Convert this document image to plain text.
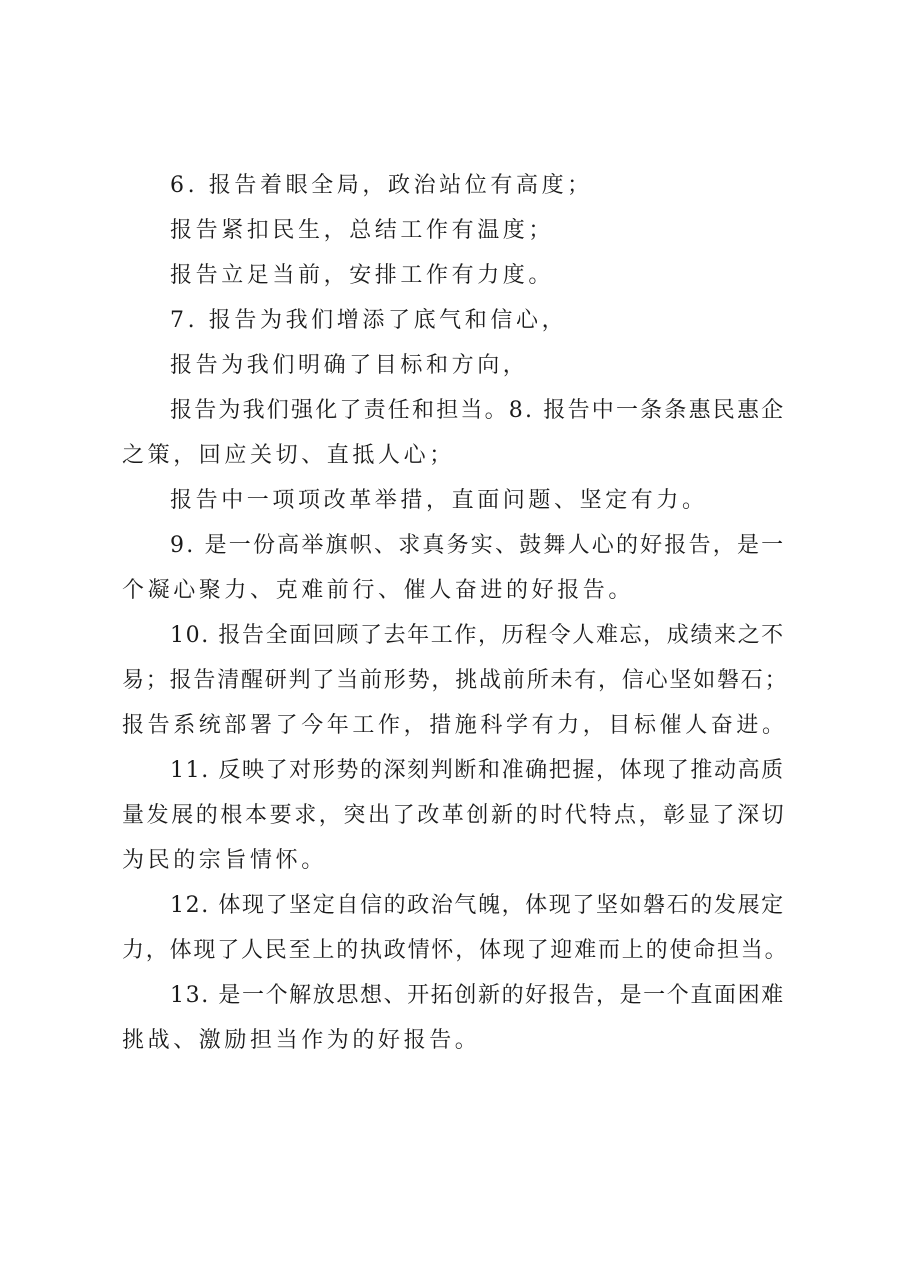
6. 报告着眼全局，政治站位有高度；
报告紧扣民生，总结工作有温度；
报告立足当前，安排工作有力度。
7. 报告为我们增添了底气和信心，
报告为我们明确了目标和方向，
报告为我们强化了责任和担当。8. 报告中一条条惠民惠企
之策，回应关切、直抵人心；
报告中一项项改革举措，直面问题、坚定有力。
9. 是一份高举旗帜、求真务实、鼓舞人心的好报告，是一
个凝心聚力、克难前行、催人奋进的好报告。
10. 报告全面回顾了去年工作，历程令人难忘，成绩来之不
易；报告清醒研判了当前形势，挑战前所未有，信心坚如磐石；
报告系统部署了今年工作，措施科学有力，目标催人奋进。
11. 反映了对形势的深刻判断和准确把握，体现了推动高质
量发展的根本要求，突出了改革创新的时代特点，彰显了深切
为民的宗旨情怀。
12. 体现了坚定自信的政治气魄，体现了坚如磐石的发展定
力，体现了人民至上的执政情怀，体现了迎难而上的使命担当。
13. 是一个解放思想、开拓创新的好报告，是一个直面困难
挑战、激励担当作为的好报告。
